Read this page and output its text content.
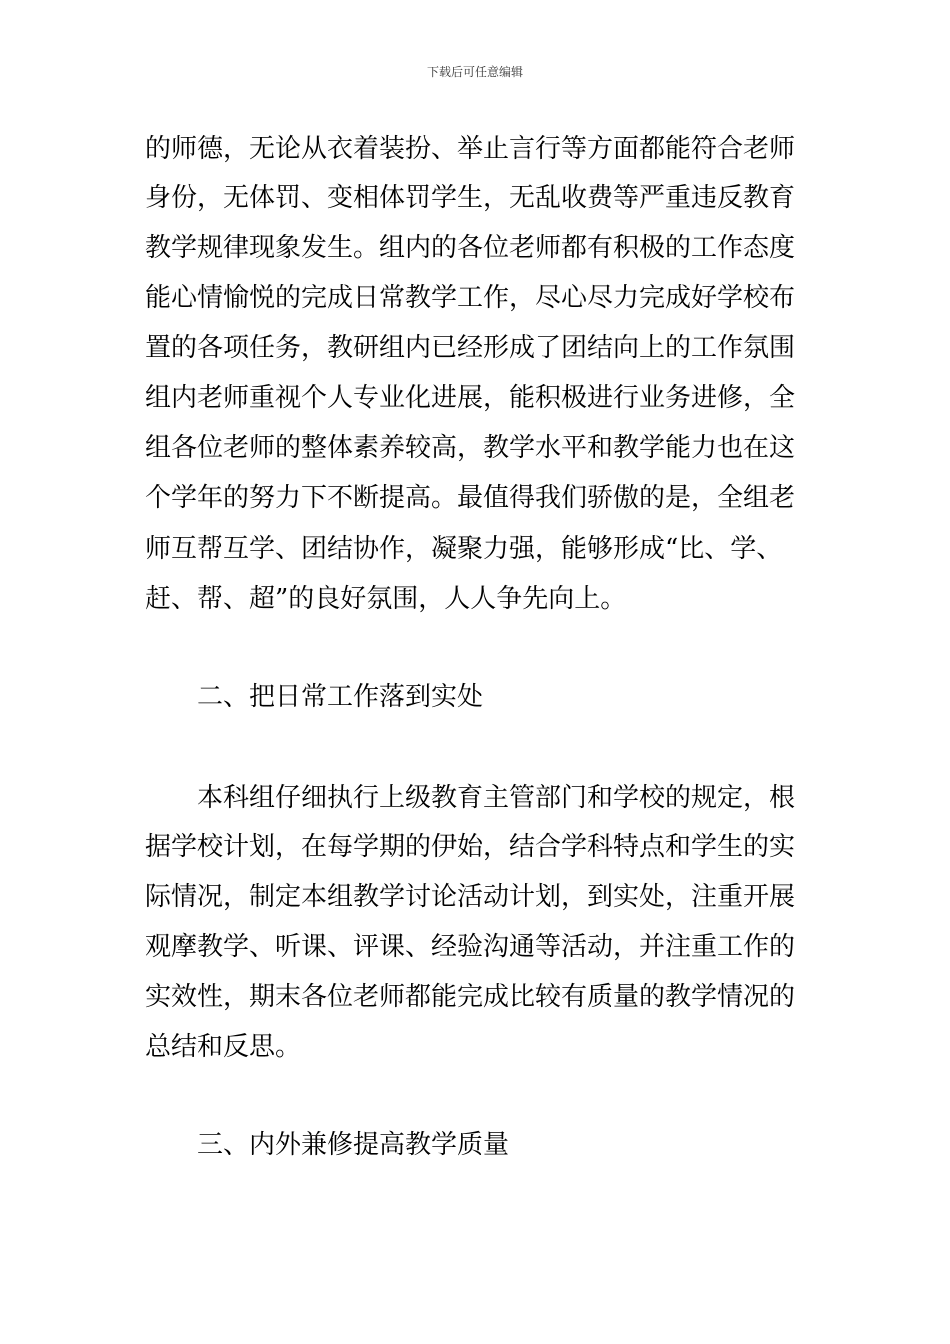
下载后可任意编辑
的师德，无论从衣着装扮、举止言行等方面都能符合老师
身份，无体罚、变相体罚学生，无乱收费等严重违反教育
教学规律现象发生。组内的各位老师都有积极的工作态度
能心情愉悦的完成日常教学工作，尽心尽力完成好学校布
置的各项任务，教研组内已经形成了团结向上的工作氛围
组内老师重视个人专业化进展，能积极进行业务进修，全
组各位老师的整体素养较高，教学水平和教学能力也在这
个学年的努力下不断提高。最值得我们骄傲的是，全组老
师互帮互学、团结协作，凝聚力强，能够形成“比、学、
赶、帮、超”的良好氛围，人人争先向上。
二、把日常工作落到实处
本科组仔细执行上级教育主管部门和学校的规定，根
据学校计划，在每学期的伊始，结合学科特点和学生的实
际情况，制定本组教学讨论活动计划，到实处，注重开展
观摩教学、听课、评课、经验沟通等活动，并注重工作的
实效性，期末各位老师都能完成比较有质量的教学情况的
总结和反思。
三、内外兼修提高教学质量
